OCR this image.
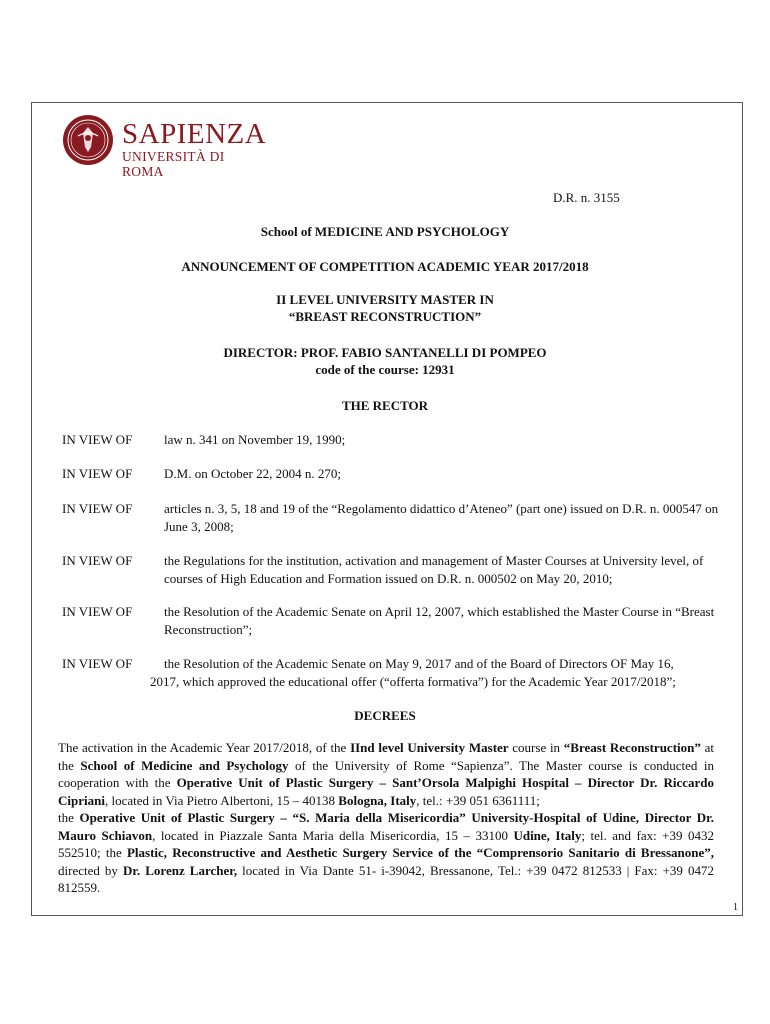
SAPIENZA
UNIVERSITÀ DI ROMA
D.R. n. 3155
School of MEDICINE AND PSYCHOLOGY
ANNOUNCEMENT OF COMPETITION ACADEMIC YEAR 2017/2018
II LEVEL UNIVERSITY MASTER IN
“BREAST RECONSTRUCTION”
DIRECTOR: PROF. FABIO SANTANELLI DI POMPEO
code of the course: 12931
THE RECTOR
IN VIEW OF law n. 341 on November 19, 1990;
IN VIEW OF D.M. on October 22, 2004 n. 270;
IN VIEW OF articles n. 3, 5, 18 and 19 of the “Regolamento didattico d’Ateneo” (part one) issued on D.R. n. 000547 on June 3, 2008;
IN VIEW OF the Regulations for the institution, activation and management of Master Courses at University level, of courses of High Education and Formation issued on D.R. n. 000502 on May 20, 2010;
IN VIEW OF the Resolution of the Academic Senate on April 12, 2007, which established the Master Course in “Breast Reconstruction”;
IN VIEW OF the Resolution of the Academic Senate on May 9, 2017 and of the Board of Directors OF May 16,
2017, which approved the educational offer (“offerta formativa”) for the Academic Year 2017/2018”;
DECREES
The activation in the Academic Year 2017/2018, of the IInd level University Master course in “Breast Reconstruction” at the School of Medicine and Psychology of the University of Rome “Sapienza”. The Master course is conducted in cooperation with the Operative Unit of Plastic Surgery – Sant’Orsola Malpighi Hospital – Director Dr. Riccardo Cipriani, located in Via Pietro Albertoni, 15 – 40138 Bologna, Italy, tel.: +39 051 6361111;
the Operative Unit of Plastic Surgery – “S. Maria della Misericordia” University-Hospital of Udine, Director Dr. Mauro Schiavon, located in Piazzale Santa Maria della Misericordia, 15 – 33100 Udine, Italy; tel. and fax: +39 0432 552510; the Plastic, Reconstructive and Aesthetic Surgery Service of the “Comprensorio Sanitario di Bressanone”, directed by Dr. Lorenz Larcher, located in Via Dante 51- i-39042, Bressanone, Tel.: +39 0472 812533 | Fax: +39 0472 812559.
1
